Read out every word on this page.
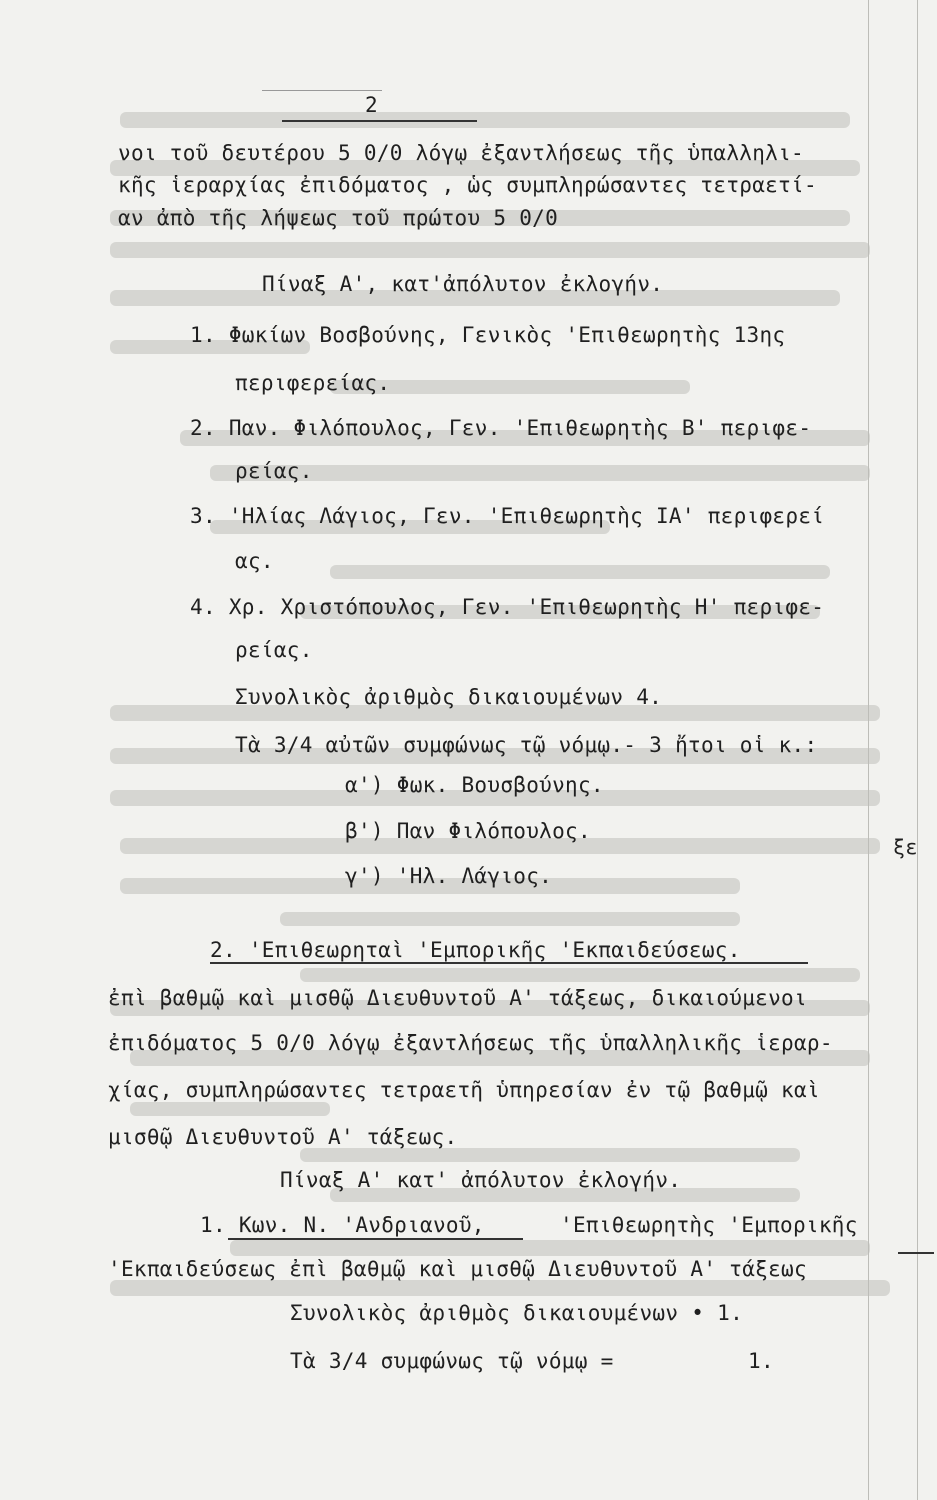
2
νοι τοῦ δευτέρου 5 0/0 λόγῳ ἐξαντλήσεως τῆς ὑπαλληλι-
κῆς ἱεραρχίας ἐπιδόματος , ὡς συμπληρώσαντες τετραετί-
αν ἀπὸ τῆς λήψεως τοῦ πρώτου 5 0/0
Πίναξ Α', κατ'ἀπόλυτον ἐκλογήν.
1. Φωκίων Βοσβούνης, Γενικὸς 'Επιθεωρητὴς 13ης
περιφερείας.
2. Παν. Φιλόπουλος, Γεν. 'Επιθεωρητὴς Β' περιφε-
ρείας.
3. 'Ηλίας Λάγιος, Γεν. 'Επιθεωρητὴς ΙΑ' περιφερεί
ας.
4. Χρ. Χριστόπουλος, Γεν. 'Επιθεωρητὴς Η' περιφε-
ρείας.
Συνολικὸς ἀριθμὸς δικαιουμένων 4.
Τὰ 3/4 αὐτῶν συμφώνως τῷ νόμῳ.- 3 ἤτοι οἱ κ.:
α') Φωκ. Βουσβούνης.
β') Παν Φιλόπουλος.
γ') 'Ηλ. Λάγιος.
2. 'Επιθεωρηταὶ 'Εμπορικῆς 'Εκπαιδεύσεως.
ἐπὶ βαθμῷ καὶ μισθῷ Διευθυντοῦ Α' τάξεως, δικαιούμενοι
ἐπιδόματος 5 0/0 λόγῳ ἐξαντλήσεως τῆς ὑπαλληλικῆς ἱεραρ-
χίας, συμπληρώσαντες τετραετῆ ὑπηρεσίαν ἐν τῷ βαθμῷ καὶ
μισθῷ Διευθυντοῦ Α' τάξεως.
Πίναξ Α' κατ' ἀπόλυτον ἐκλογήν.
1. Κων. Ν. 'Ανδριανοῦ,	'Επιθεωρητὴς 'Εμπορικῆς
'Εκπαιδεύσεως ἐπὶ βαθμῷ καὶ μισθῷ Διευθυντοῦ Α' τάξεως
Συνολικὸς ἀριθμὸς δικαιουμένων • 1.
Τὰ 3/4 συμφώνως τῷ νόμῳ =	1.
ξε
